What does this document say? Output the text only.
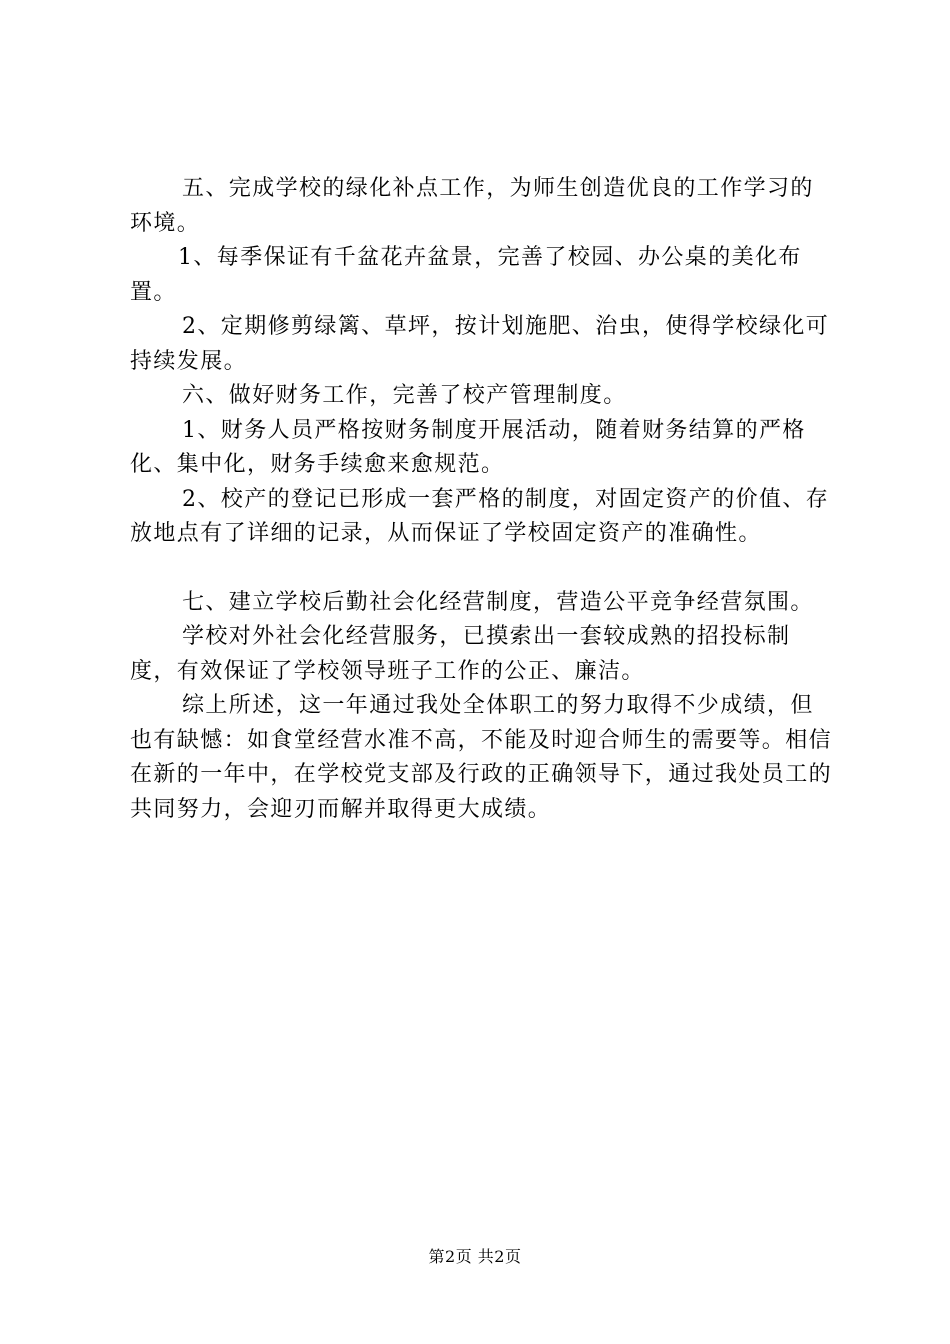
五、完成学校的绿化补点工作，为师生创造优良的工作学习的环境。

1、每季保证有千盆花卉盆景，完善了校园、办公桌的美化布置。

2、定期修剪绿篱、草坪，按计划施肥、治虫，使得学校绿化可持续发展。

六、做好财务工作，完善了校产管理制度。

1、财务人员严格按财务制度开展活动，随着财务结算的严格化、集中化，财务手续愈来愈规范。

2、校产的登记已形成一套严格的制度，对固定资产的价值、存放地点有了详细的记录，从而保证了学校固定资产的准确性。

七、建立学校后勤社会化经营制度，营造公平竞争经营氛围。

学校对外社会化经营服务，已摸索出一套较成熟的招投标制度，有效保证了学校领导班子工作的公正、廉洁。

综上所述，这一年通过我处全体职工的努力取得不少成绩，但也有缺憾：如食堂经营水准不高，不能及时迎合师生的需要等。相信在新的一年中，在学校党支部及行政的正确领导下，通过我处员工的共同努力，会迎刃而解并取得更大成绩。

第2页 共2页
